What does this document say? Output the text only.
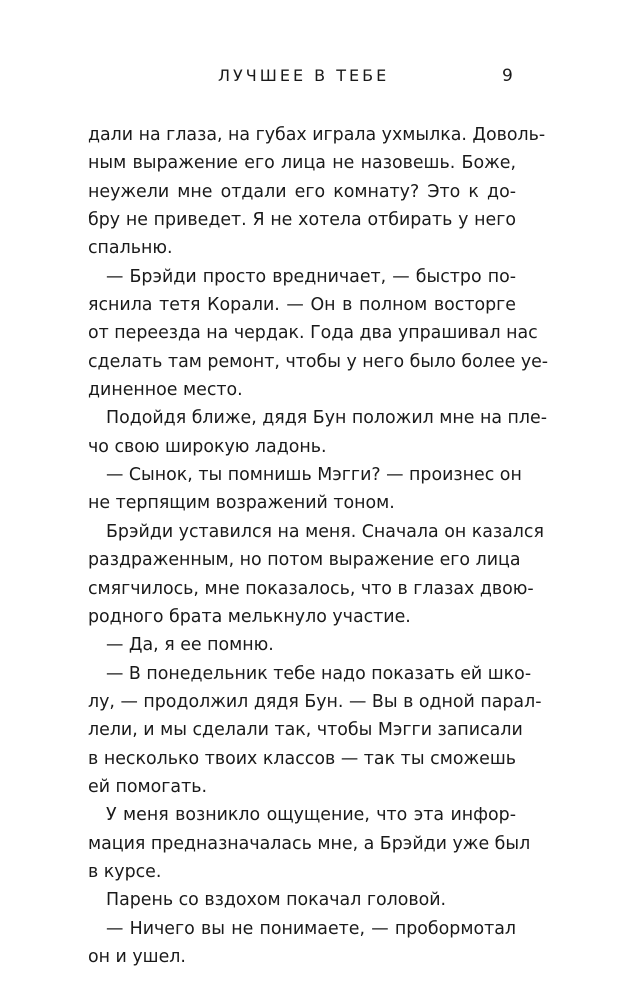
ЛУЧШЕЕ В ТЕБЕ	9
дали на глаза, на губах играла ухмылка. Доволь-
ным выражение его лица не назовешь. Боже,
неужели мне отдали его комнату? Это к до-
бру не приведет. Я не хотела отбирать у него
спальню.
— Брэйди просто вредничает, — быстро по-
яснила тетя Корали. — Он в полном восторге
от переезда на чердак. Года два упрашивал нас
сделать там ремонт, чтобы у него было более уе-
диненное место.
Подойдя ближе, дядя Бун положил мне на пле-
чо свою широкую ладонь.
— Сынок, ты помнишь Мэгги? — произнес он
не терпящим возражений тоном.
Брэйди уставился на меня. Сначала он казался
раздраженным, но потом выражение его лица
смягчилось, мне показалось, что в глазах двою-
родного брата мелькнуло участие.
— Да, я ее помню.
— В понедельник тебе надо показать ей шко-
лу, — продолжил дядя Бун. — Вы в одной парал-
лели, и мы сделали так, чтобы Мэгги записали
в несколько твоих классов — так ты сможешь
ей помогать.
У меня возникло ощущение, что эта инфор-
мация предназначалась мне, а Брэйди уже был
в курсе.
Парень со вздохом покачал головой.
— Ничего вы не понимаете, — пробормотал
он и ушел.
